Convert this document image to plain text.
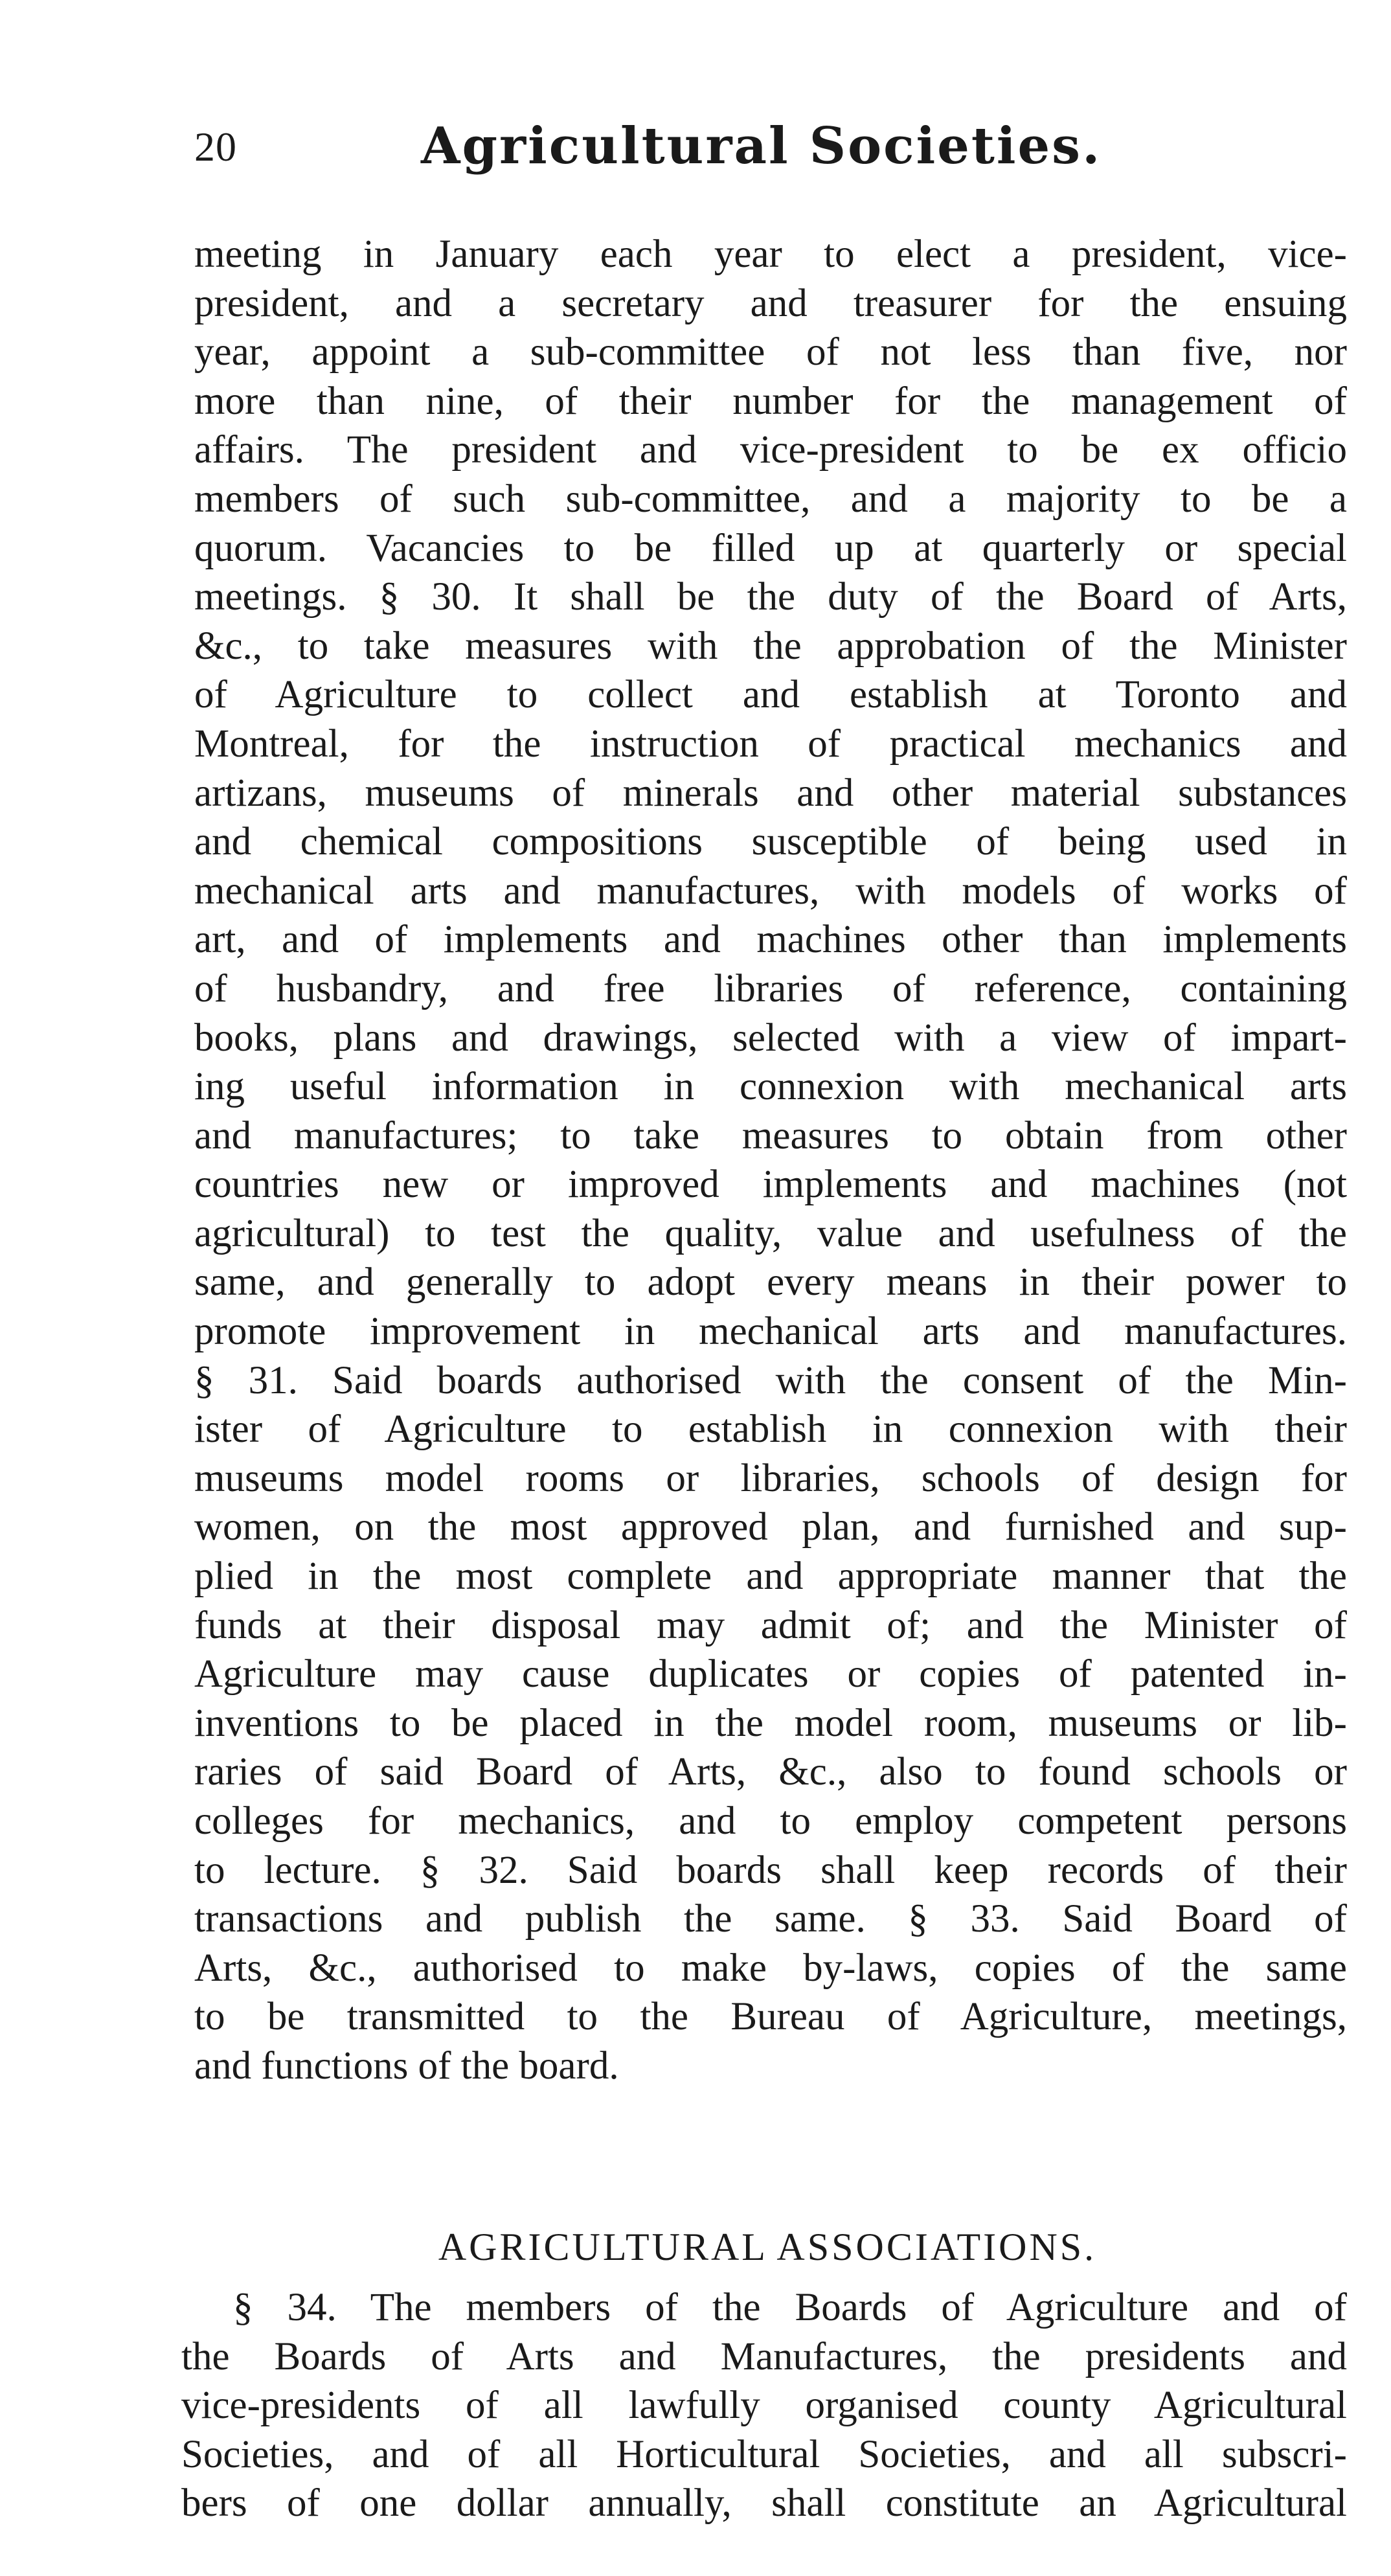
20	Agricultural Societies.
meeting in January each year to elect a president, vice-
president, and a secretary and treasurer for the ensuing
year, appoint a sub-committee of not less than five, nor
more than nine, of their number for the management of
affairs. The president and vice-president to be ex officio
members of such sub-committee, and a majority to be a
quorum. Vacancies to be filled up at quarterly or special
meetings. § 30. It shall be the duty of the Board of Arts,
&c., to take measures with the approbation of the Minister
of Agriculture to collect and establish at Toronto and
Montreal, for the instruction of practical mechanics and
artizans, museums of minerals and other material substances
and chemical compositions susceptible of being used in
mechanical arts and manufactures, with models of works of
art, and of implements and machines other than implements
of husbandry, and free libraries of reference, containing
books, plans and drawings, selected with a view of impart-
ing useful information in connexion with mechanical arts
and manufactures; to take measures to obtain from other
countries new or improved implements and machines (not
agricultural) to test the quality, value and usefulness of the
same, and generally to adopt every means in their power to
promote improvement in mechanical arts and manufactures.
§ 31. Said boards authorised with the consent of the Min-
ister of Agriculture to establish in connexion with their
museums model rooms or libraries, schools of design for
women, on the most approved plan, and furnished and sup-
plied in the most complete and appropriate manner that the
funds at their disposal may admit of; and the Minister of
Agriculture may cause duplicates or copies of patented in-
inventions to be placed in the model room, museums or lib-
raries of said Board of Arts, &c., also to found schools or
colleges for mechanics, and to employ competent persons
to lecture. § 32. Said boards shall keep records of their
transactions and publish the same. § 33. Said Board of
Arts, &c., authorised to make by-laws, copies of the same
to be transmitted to the Bureau of Agriculture, meetings,
and functions of the board.
AGRICULTURAL ASSOCIATIONS.
§ 34. The members of the Boards of Agriculture and of
the Boards of Arts and Manufactures, the presidents and
vice-presidents of all lawfully organised county Agricultural
Societies, and of all Horticultural Societies, and all subscri-
bers of one dollar annually, shall constitute an Agricultural
